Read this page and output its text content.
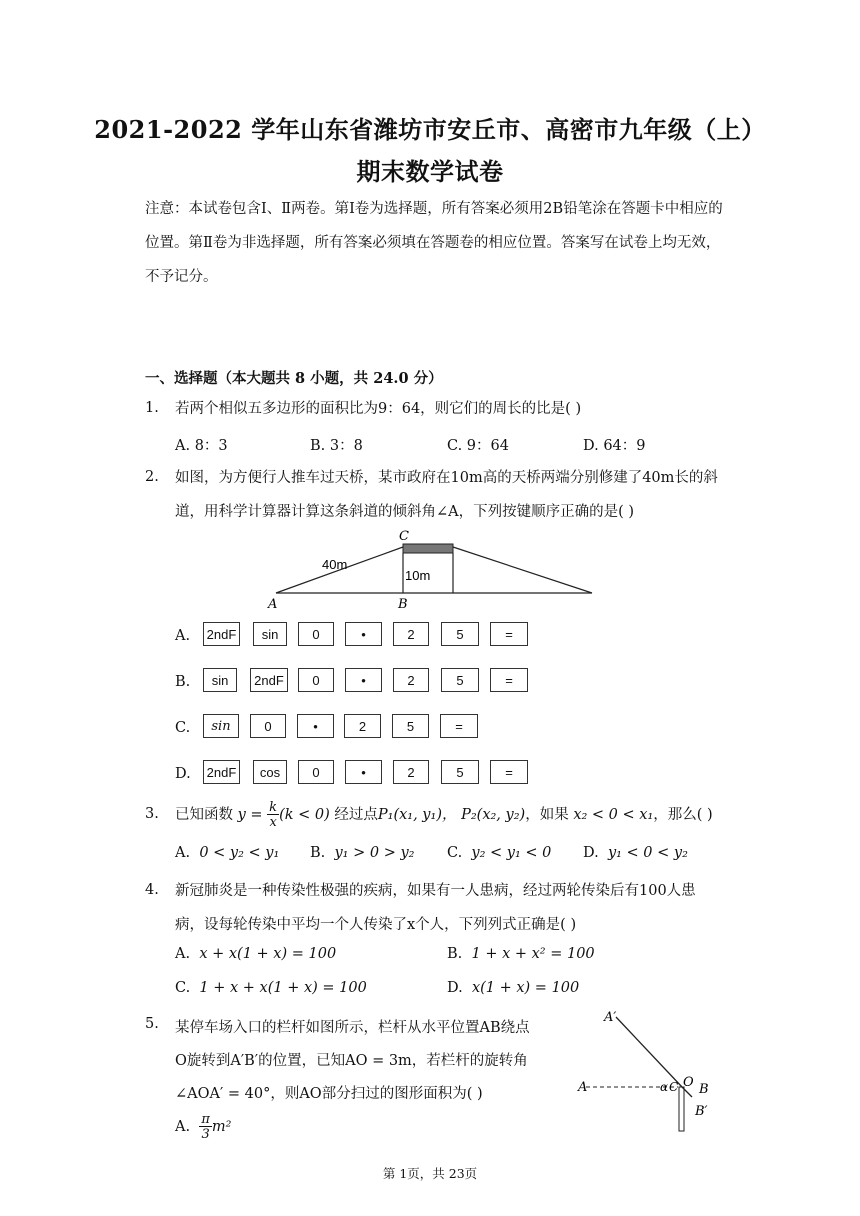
2021-2022 学年山东省潍坊市安丘市、高密市九年级（上）
期末数学试卷
注意：本试卷包含Ⅰ、Ⅱ两卷。第Ⅰ卷为选择题，所有答案必须用2B铅笔涂在答题卡中相应的位置。第Ⅱ卷为非选择题，所有答案必须填在答题卷的相应位置。答案写在试卷上均无效，不予记分。
一、选择题（本大题共 8 小题，共 24.0 分）
1. 若两个相似五多边形的面积比为9：64，则它们的周长的比是( )
A. 8：3	B. 3：8	C. 9：64	D. 64：9
2. 如图，为方便行人推车过天桥，某市政府在10m高的天桥两端分别修建了40m长的斜道，用科学计算器计算这条斜道的倾斜角∠A，下列按键顺序正确的是( )
C
A	B
40m
10m
A.	2ndF	sin	0	•	2	5	=
B.	sin	2ndF	0	•	2	5	=
C.	sin	0	•	2	5	=
D.	2ndF	cos	0	•	2	5	=
3. 已知函数 $y = \frac{k}{x} (k < 0)$ 经过点P₁(x₁, y₁)， P₂(x₂, y₂)，如果 x₂ < 0 < x₁，那么( )
A. 0 < y₂ < y₁ B. y₁ > 0 > y₂ C. y₂ < y₁ < 0 D. y₁ < 0 < y₂
4. 新冠肺炎是一种传染性极强的疾病，如果有一人患病，经过两轮传染后有100人患病，设每轮传染中平均一个人传染了x个人，下列列式正确是( )
A. x + x(1 + x) = 100	B. 1 + x + x² = 100
C. 1 + x + x(1 + x) = 100	D. x(1 + x) = 100
5. 某停车场入口的栏杆如图所示，栏杆从水平位置AB绕点
O旋转到A′B′的位置，已知AO = 3m，若栏杆的旋转角
∠AOA′ = 40°，则AO部分扫过的图形面积为( )
A. $\frac{\pi}{3} m^2$
A′
A	α C O B
B′
第 1页，共 23页
